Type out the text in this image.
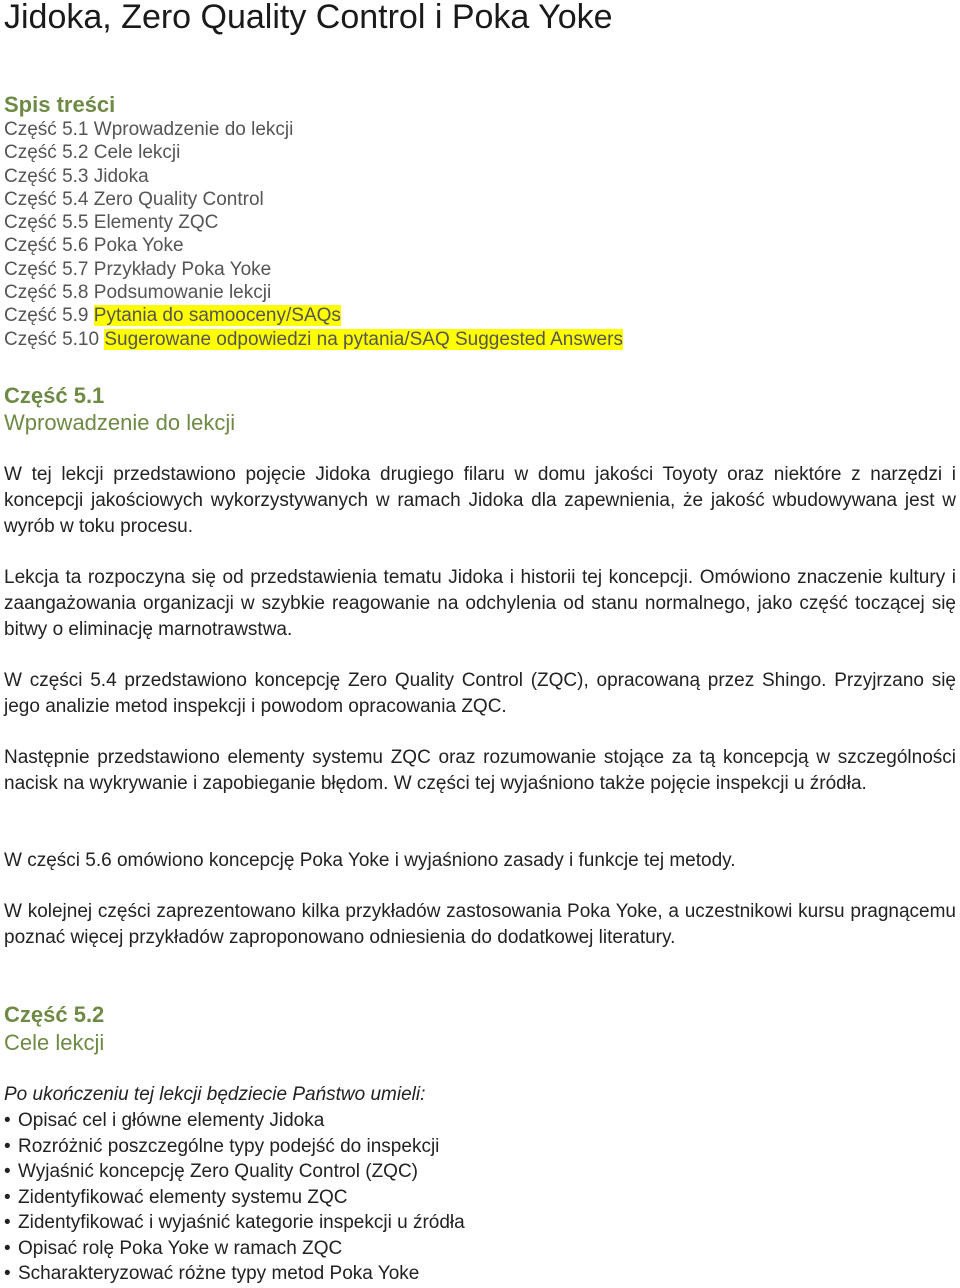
Jidoka, Zero Quality Control i Poka Yoke
Spis treści
Część 5.1 Wprowadzenie do lekcji
Część 5.2 Cele lekcji
Część 5.3 Jidoka
Część 5.4 Zero Quality Control
Część 5.5 Elementy ZQC
Część 5.6 Poka Yoke
Część 5.7 Przykłady Poka Yoke
Część 5.8 Podsumowanie lekcji
Część 5.9 Pytania do samooceny/SAQs
Część 5.10 Sugerowane odpowiedzi na pytania/SAQ Suggested Answers
Część 5.1
Wprowadzenie do lekcji

W tej lekcji przedstawiono pojęcie Jidoka drugiego filaru w domu jakości Toyoty oraz niektóre z narzędzi i koncepcji jakościowych wykorzystywanych w ramach Jidoka dla zapewnienia, że jakość wbudowywana jest w wyrób w toku procesu.

Lekcja ta rozpoczyna się od przedstawienia tematu Jidoka i historii tej koncepcji. Omówiono znaczenie kultury i zaangażowania organizacji w szybkie reagowanie na odchylenia od stanu normalnego, jako część toczącej się bitwy o eliminację marnotrawstwa.

W części 5.4 przedstawiono koncepcję Zero Quality Control (ZQC), opracowaną przez Shingo. Przyjrzano się jego analizie metod inspekcji i powodom opracowania ZQC.

Następnie przedstawiono elementy systemu ZQC oraz rozumowanie stojące za tą koncepcją w szczególności nacisk na wykrywanie i zapobieganie błędom. W części tej wyjaśniono także pojęcie inspekcji u źródła.

W części 5.6 omówiono koncepcję Poka Yoke i wyjaśniono zasady i funkcje tej metody.

W kolejnej części zaprezentowano kilka przykładów zastosowania Poka Yoke, a uczestnikowi kursu pragnącemu poznać więcej przykładów zaproponowano odniesienia do dodatkowej literatury.

Część 5.2
Cele lekcji

Po ukończeniu tej lekcji będziecie Państwo umieli:

• Opisać cel i główne elementy Jidoka
• Rozróżnić poszczególne typy podejść do inspekcji
• Wyjaśnić koncepcję Zero Quality Control (ZQC)
• Zidentyfikować elementy systemu ZQC
• Zidentyfikować i wyjaśnić kategorie inspekcji u źródła
• Opisać rolę Poka Yoke w ramach ZQC
• Scharakteryzować różne typy metod Poka Yoke
